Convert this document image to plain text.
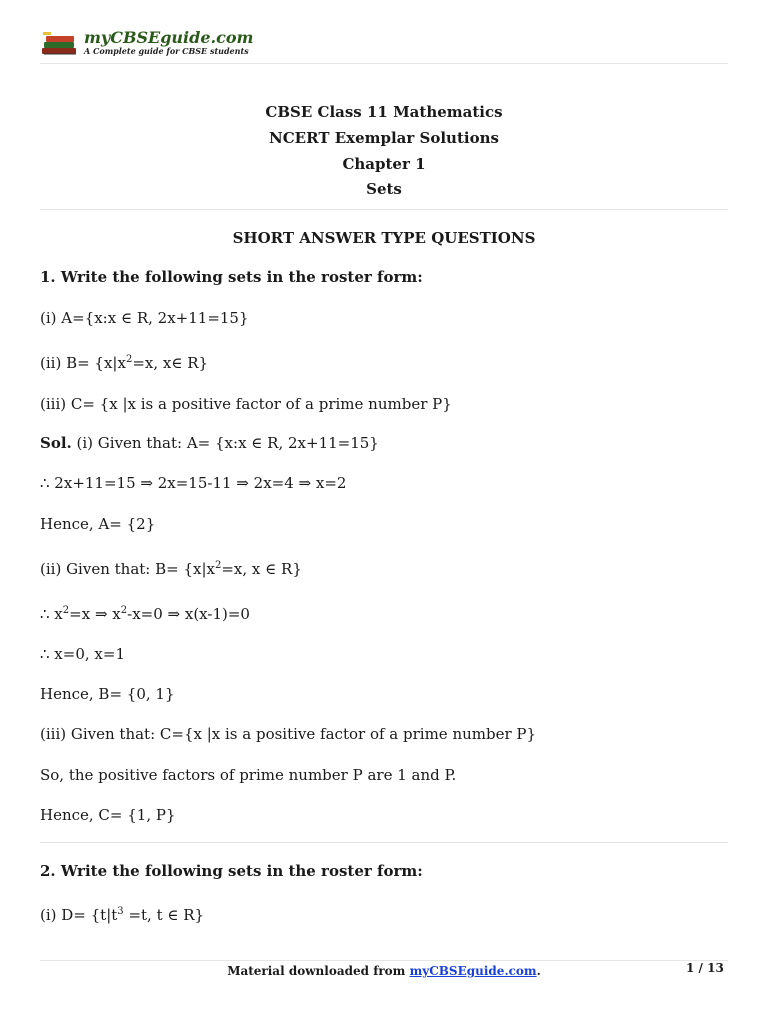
myCBSEguide.com
A Complete guide for CBSE students
CBSE Class 11 Mathematics
NCERT Exemplar Solutions
Chapter 1
Sets
SHORT ANSWER TYPE QUESTIONS
1. Write the following sets in the roster form:
(i) A={x:x ∈ R, 2x+11=15}
(ii) $B= \{x|x^2=x$, x∈ R}
(iii) C= {x |x is a positive factor of a prime number P}
Sol. (i) Given that: A= {x:x ∈ R, 2x+11=15}
∴ 2x+11=15 ⇒ 2x=15-11 ⇒ 2x=4 ⇒ x=2
Hence, A= {2}
(ii) Given that: $B= \{x|x^2=x$, x ∈ R}
∴ $x^2=x$ ⇒ $x^2-x=0$ ⇒ x(x-1)=0
∴ x=0, x=1
Hence, B= {0, 1}
(iii) Given that: C={x |x is a positive factor of a prime number P}
So, the positive factors of prime number P are 1 and P.
Hence, C= {1, P}
2. Write the following sets in the roster form:
(i) $D= \{t|t^3 =t$, t ∈ R}
Material downloaded from myCBSEguide.com.	1 / 13
